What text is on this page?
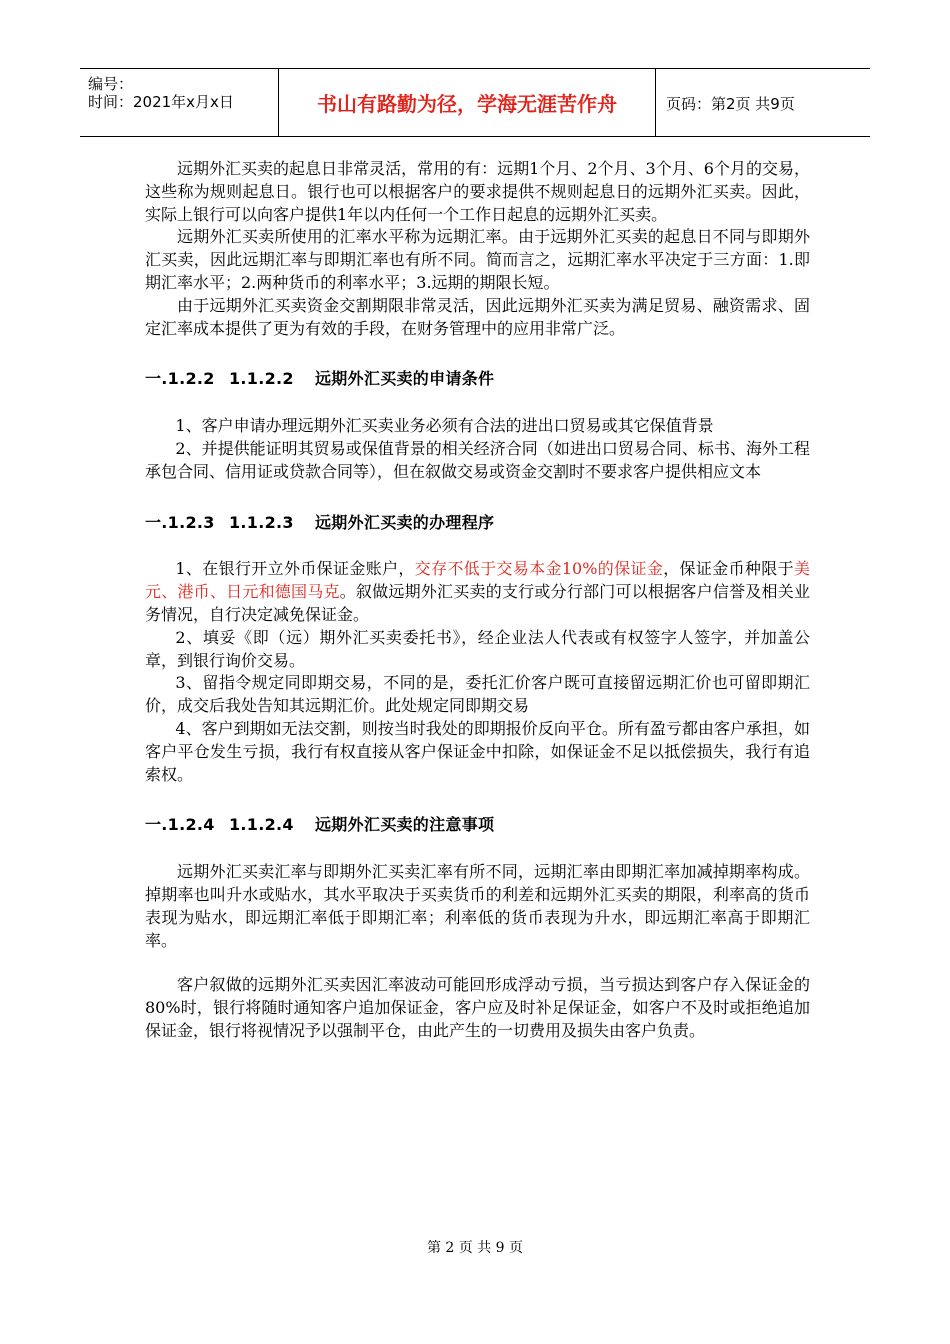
编号：
时间：2021年x月x日	书山有路勤为径，学海无涯苦作舟	页码：第2页 共9页

远期外汇买卖的起息日非常灵活，常用的有：远期1个月、2个月、3个月、6个月的交易，这些称为规则起息日。银行也可以根据客户的要求提供不规则起息日的远期外汇买卖。因此，实际上银行可以向客户提供1年以内任何一个工作日起息的远期外汇买卖。

远期外汇买卖所使用的汇率水平称为远期汇率。由于远期外汇买卖的起息日不同与即期外汇买卖，因此远期汇率与即期汇率也有所不同。简而言之，远期汇率水平决定于三方面：1.即期汇率水平；2.两种货币的利率水平；3.远期的期限长短。

由于远期外汇买卖资金交割期限非常灵活，因此远期外汇买卖为满足贸易、融资需求、固定汇率成本提供了更为有效的手段，在财务管理中的应用非常广泛。

一.1.2.2 1.1.2.2 远期外汇买卖的申请条件

1、客户申请办理远期外汇买卖业务必须有合法的进出口贸易或其它保值背景

2、并提供能证明其贸易或保值背景的相关经济合同（如进出口贸易合同、标书、海外工程承包合同、信用证或贷款合同等），但在叙做交易或资金交割时不要求客户提供相应文本

一.1.2.3 1.1.2.3 远期外汇买卖的办理程序

1、在银行开立外币保证金账户，交存不低于交易本金10%的保证金，保证金币种限于美元、港币、日元和德国马克。叙做远期外汇买卖的支行或分行部门可以根据客户信誉及相关业务情况，自行决定减免保证金。

2、填妥《即（远）期外汇买卖委托书》，经企业法人代表或有权签字人签字，并加盖公章，到银行询价交易。

3、留指令规定同即期交易，不同的是，委托汇价客户既可直接留远期汇价也可留即期汇价，成交后我处告知其远期汇价。此处规定同即期交易

4、客户到期如无法交割，则按当时我处的即期报价反向平仓。所有盈亏都由客户承担，如客户平仓发生亏损，我行有权直接从客户保证金中扣除，如保证金不足以抵偿损失，我行有追索权。

一.1.2.4 1.1.2.4 远期外汇买卖的注意事项

远期外汇买卖汇率与即期外汇买卖汇率有所不同，远期汇率由即期汇率加减掉期率构成。掉期率也叫升水或贴水，其水平取决于买卖货币的利差和远期外汇买卖的期限，利率高的货币表现为贴水，即远期汇率低于即期汇率；利率低的货币表现为升水，即远期汇率高于即期汇率。

客户叙做的远期外汇买卖因汇率波动可能回形成浮动亏损，当亏损达到客户存入保证金的80%时，银行将随时通知客户追加保证金，客户应及时补足保证金，如客户不及时或拒绝追加保证金，银行将视情况予以强制平仓，由此产生的一切费用及损失由客户负责。

第 2 页 共 9 页
